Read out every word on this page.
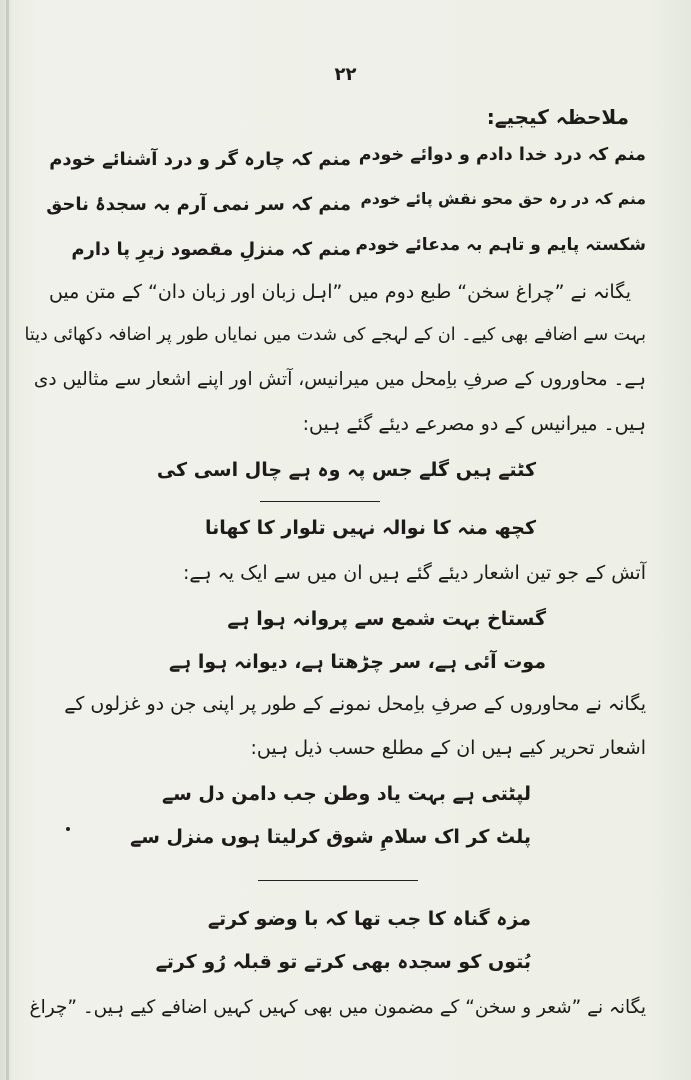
۲۲
ملاحظہ کیجیے:
منم کہ درد خدا دادم و دوائے خودم
منم کہ چارہ گر و درد آشنائے خودم
منم کہ در رہ حق محو نقش پائے خودم
منم کہ سر نمی آرم بہ سجدۂ ناحق
شکستہ پایم و تاہم بہ مدعائے خودم
منم کہ منزلِ مقصود زیرِ پا دارم
یگانہ نے ”چراغ سخن“ طبع دوم میں ”اہل زبان اور زبان دان“ کے متن میں
بہت سے اضافے بھی کیے۔ ان کے لہجے کی شدت میں نمایاں طور پر اضافہ دکھائی دیتا
ہے۔ محاوروں کے صرفِ باِمحل میں میرانیس، آتش اور اپنے اشعار سے مثالیں دی
ہیں۔ میرانیس کے دو مصرعے دیئے گئے ہیں:
کٹتے ہیں گلے جس پہ وہ ہے چال اسی کی
کچھ منہ کا نوالہ نہیں تلوار کا کھانا
آتش کے جو تین اشعار دیئے گئے ہیں ان میں سے ایک یہ ہے:
گستاخ بہت شمع سے پروانہ ہوا ہے
موت آئی ہے، سر چڑھتا ہے، دیوانہ ہوا ہے
یگانہ نے محاوروں کے صرفِ باِمحل نمونے کے طور پر اپنی جن دو غزلوں کے
اشعار تحریر کیے ہیں ان کے مطلع حسب ذیل ہیں:
لپٹتی ہے بہت یاد وطن جب دامن دل سے
پلٹ کر اک سلامِ شوق کرلیتا ہوں منزل سے
مزہ گناہ کا جب تھا کہ با وضو کرتے
بُتوں کو سجدہ بھی کرتے تو قبلہ رُو کرتے
یگانہ نے ”شعر و سخن“ کے مضمون میں بھی کہیں کہیں اضافے کیے ہیں۔ ”چراغ
